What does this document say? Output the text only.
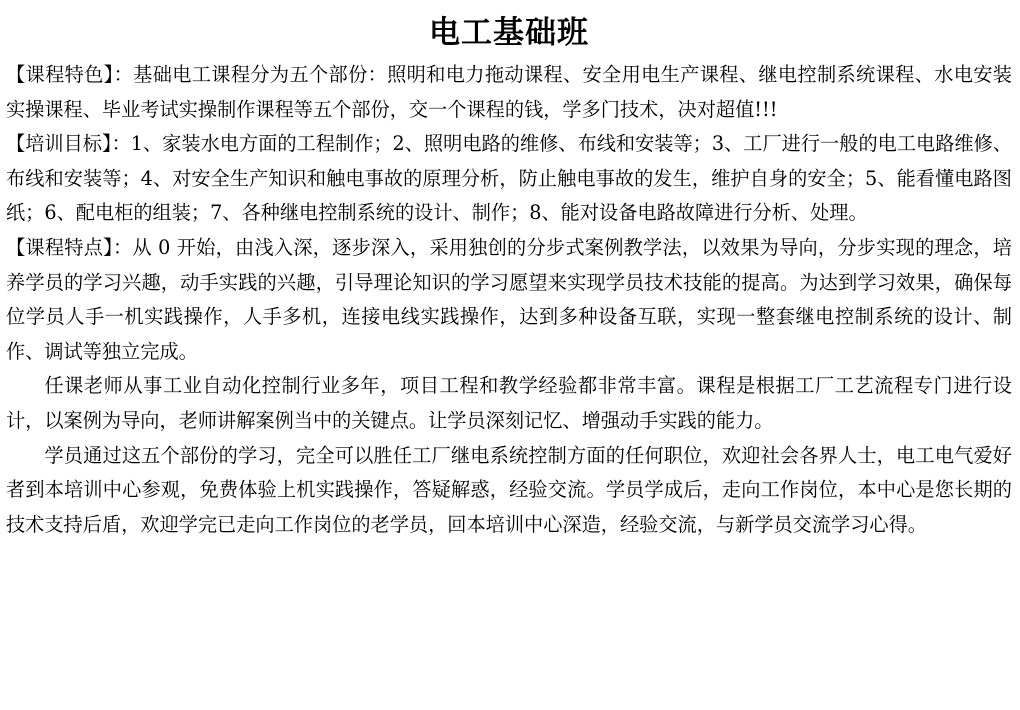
电工基础班

【课程特色】：基础电工课程分为五个部份：照明和电力拖动课程、安全用电生产课程、继电控制系统课程、水电安装实操课程、毕业考试实操制作课程等五个部份，交一个课程的钱，学多门技术，决对超值!!!

【培训目标】：1、家装水电方面的工程制作；2、照明电路的维修、布线和安装等；3、工厂进行一般的电工电路维修、布线和安装等；4、对安全生产知识和触电事故的原理分析，防止触电事故的发生，维护自身的安全；5、能看懂电路图纸；6、配电柜的组装；7、各种继电控制系统的设计、制作；8、能对设备电路故障进行分析、处理。

【课程特点】：从 0 开始，由浅入深，逐步深入，采用独创的分步式案例教学法，以效果为导向，分步实现的理念，培养学员的学习兴趣，动手实践的兴趣，引导理论知识的学习愿望来实现学员技术技能的提高。为达到学习效果，确保每位学员人手一机实践操作，人手多机，连接电线实践操作，达到多种设备互联，实现一整套继电控制系统的设计、制作、调试等独立完成。

任课老师从事工业自动化控制行业多年，项目工程和教学经验都非常丰富。课程是根据工厂工艺流程专门进行设计，以案例为导向，老师讲解案例当中的关键点。让学员深刻记忆、增强动手实践的能力。

学员通过这五个部份的学习，完全可以胜任工厂继电系统控制方面的任何职位，欢迎社会各界人士，电工电气爱好者到本培训中心参观，免费体验上机实践操作，答疑解惑，经验交流。学员学成后，走向工作岗位，本中心是您长期的技术支持后盾，欢迎学完已走向工作岗位的老学员，回本培训中心深造，经验交流，与新学员交流学习心得。
